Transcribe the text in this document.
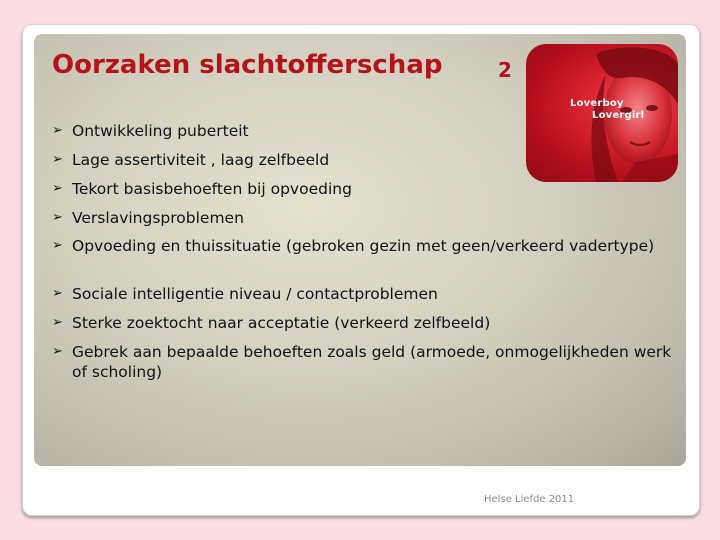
Oorzaken slachtofferschap	2
Loverboy
Lovergirl
➢ Ontwikkeling puberteit
➢ Lage assertiviteit , laag zelfbeeld
➢ Tekort basisbehoeften bij opvoeding
➢ Verslavingsproblemen
➢ Opvoeding en thuissituatie (gebroken gezin met geen/verkeerd vadertype)
➢ Sociale intelligentie niveau / contactproblemen
➢ Sterke zoektocht naar acceptatie (verkeerd zelfbeeld)
➢ Gebrek aan bepaalde behoeften zoals geld (armoede, onmogelijkheden werk of scholing)
Helse Liefde 2011
